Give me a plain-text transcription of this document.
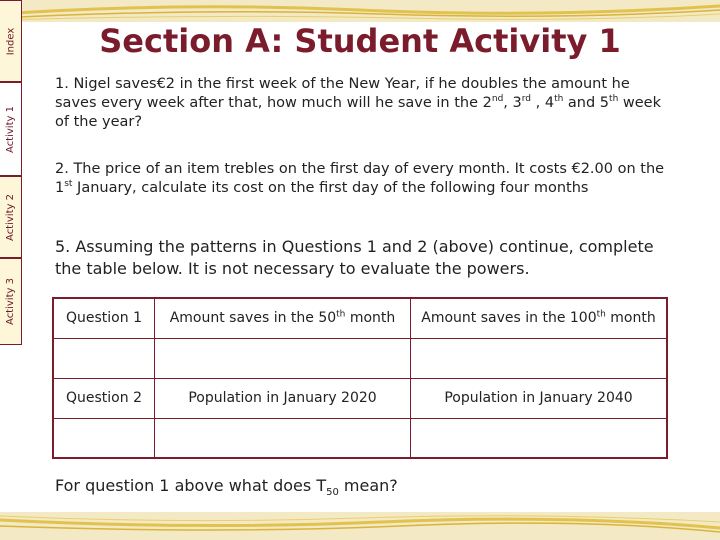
Index
Activity 1
Activity 2
Activity 3
Section A: Student Activity 1
1. Nigel saves€2 in the first week of the New Year, if he doubles the amount he saves every week after that, how much will he save in the 2nd, 3rd , 4th and 5th week of the year?
2. The price of an item trebles on the first day of every month. It costs €2.00 on the 1st January, calculate its cost on the first day of the following four months
5. Assuming the patterns in Questions 1 and 2 (above) continue, complete the table below. It is not necessary to evaluate the powers.
Question 1	Amount saves in the 50th month	Amount saves in the 100th month

Question 2	Population in January 2020	Population in January 2040

For question 1 above what does $T_{50}$ mean?
